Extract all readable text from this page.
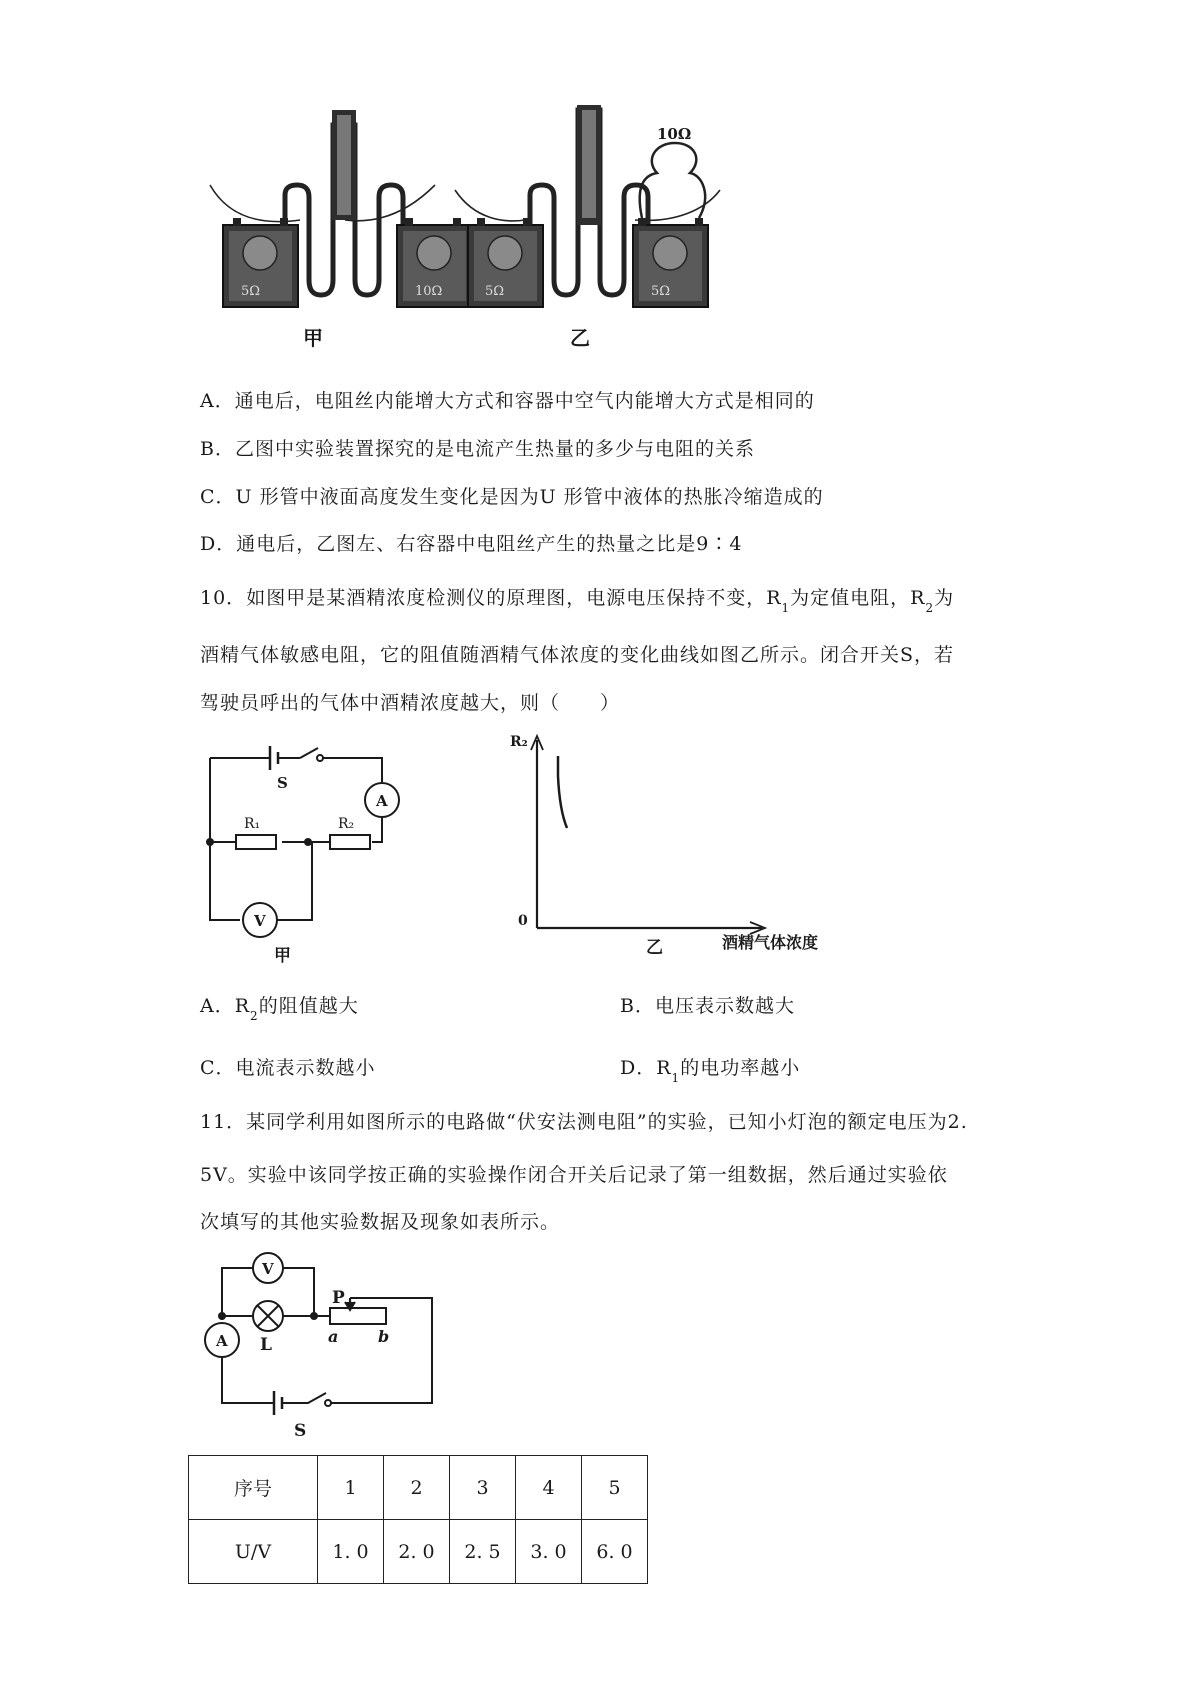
5Ω	10Ω
甲
5Ω	5Ω
10Ω
乙
A．通电后，电阻丝内能增大方式和容器中空气内能增大方式是相同的
B．乙图中实验装置探究的是电流产生热量的多少与电阻的关系
C．U 形管中液面高度发生变化是因为U 形管中液体的热胀冷缩造成的
D．通电后，乙图左、右容器中电阻丝产生的热量之比是9∶4
10．如图甲是某酒精浓度检测仪的原理图，电源电压保持不变，$R_1$为定值电阻，$R_2$为
酒精气体敏感电阻，它的阻值随酒精气体浓度的变化曲线如图乙所示。闭合开关S，若
驾驶员呼出的气体中酒精浓度越大，则（　　）
S
A
R₁	R₂
V
甲
R₂
0
乙	酒精气体浓度
A．$R_2$的阻值越大	B．电压表示数越大
C．电流表示数越小	D．$R_1$的电功率越小
11．某同学利用如图所示的电路做“伏安法测电阻”的实验，已知小灯泡的额定电压为2.
5V。实验中该同学按正确的实验操作闭合开关后记录了第一组数据，然后通过实验依
次填写的其他实验数据及现象如表所示。
V
L
P
a b
A
S
序号	1	2	3	4	5
U/V	1. 0	2. 0	2. 5	3. 0	6. 0
